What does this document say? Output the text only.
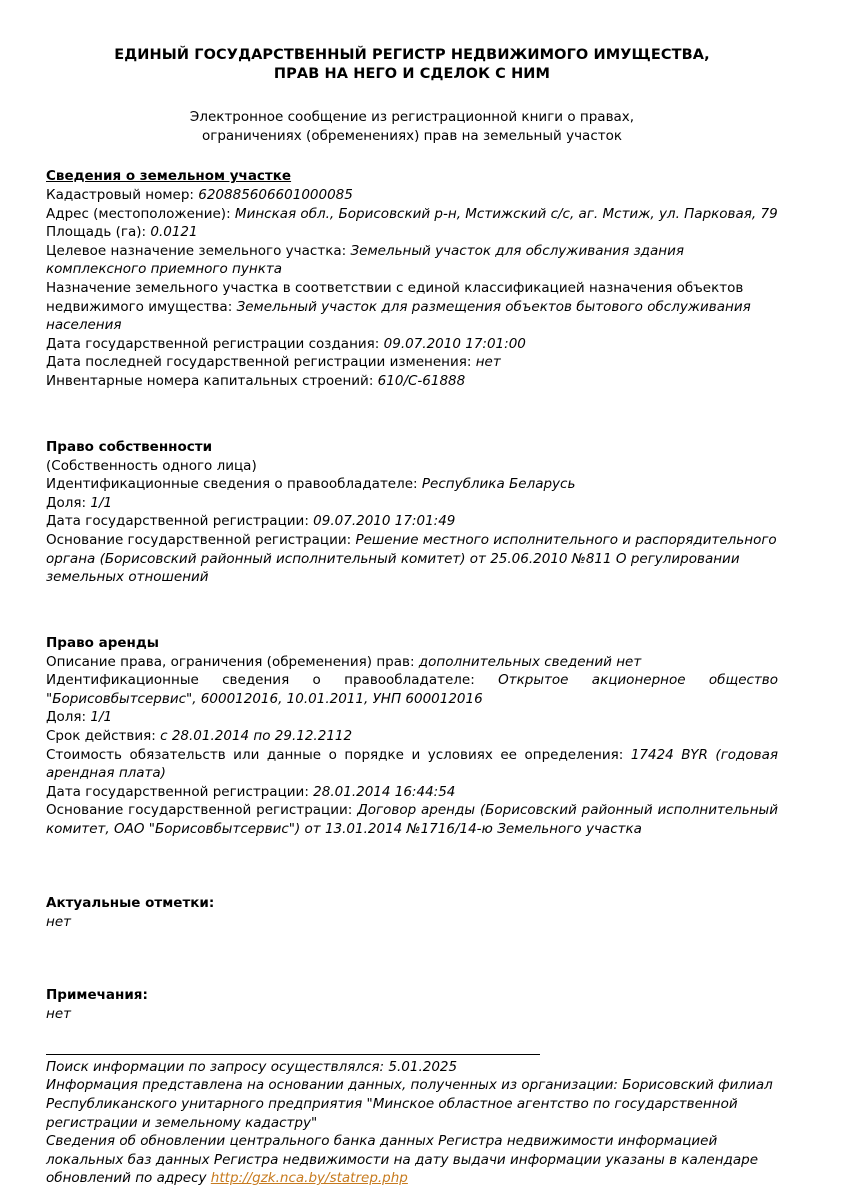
ЕДИНЫЙ ГОСУДАРСТВЕННЫЙ РЕГИСТР НЕДВИЖИМОГО ИМУЩЕСТВА,
ПРАВ НА НЕГО И СДЕЛОК С НИМ
Электронное сообщение из регистрационной книги о правах,
ограничениях (обременениях) прав на земельный участок
Сведения о земельном участке

Кадастровый номер: 620885606601000085

Адрес (местоположение): Минская обл., Борисовский р-н, Мстижский с/с, аг. Мстиж, ул. Парковая, 79

Площадь (га): 0.0121

Целевое назначение земельного участка: Земельный участок для обслуживания здания комплексного приемного пункта

Назначение земельного участка в соответствии с единой классификацией назначения объектов недвижимого имущества: Земельный участок для размещения объектов бытового обслуживания населения

Дата государственной регистрации создания: 09.07.2010 17:01:00

Дата последней государственной регистрации изменения: нет

Инвентарные номера капитальных строений: 610/С-61888

Право собственности

(Собственность одного лица)

Идентификационные сведения о правообладателе: Республика Беларусь

Доля: 1/1

Дата государственной регистрации: 09.07.2010 17:01:49

Основание государственной регистрации: Решение местного исполнительного и распорядительного органа (Борисовский районный исполнительный комитет) от 25.06.2010 №811 О регулировании земельных отношений

Право аренды

Описание права, ограничения (обременения) прав: дополнительных сведений нет

Идентификационные сведения о правообладателе: Открытое акционерное общество "Борисовбытсервис", 600012016, 10.01.2011, УНП 600012016

Доля: 1/1

Срок действия: с 28.01.2014 по 29.12.2112

Стоимость обязательств или данные о порядке и условиях ее определения: 17424 BYR (годовая арендная плата)

Дата государственной регистрации: 28.01.2014 16:44:54

Основание государственной регистрации: Договор аренды (Борисовский районный исполнительный комитет, ОАО "Борисовбытсервис") от 13.01.2014 №1716/14-ю Земельного участка

Актуальные отметки:

нет

Примечания:

нет

Поиск информации по запросу осуществлялся: 5.01.2025

Информация представлена на основании данных, полученных из организации: Борисовский филиал Республиканского унитарного предприятия "Минское областное агентство по государственной регистрации и земельному кадастру"

Сведения об обновлении центрального банка данных Регистра недвижимости информацией локальных баз данных Регистра недвижимости на дату выдачи информации указаны в календаре обновлений по адресу http://gzk.nca.by/statrep.php
